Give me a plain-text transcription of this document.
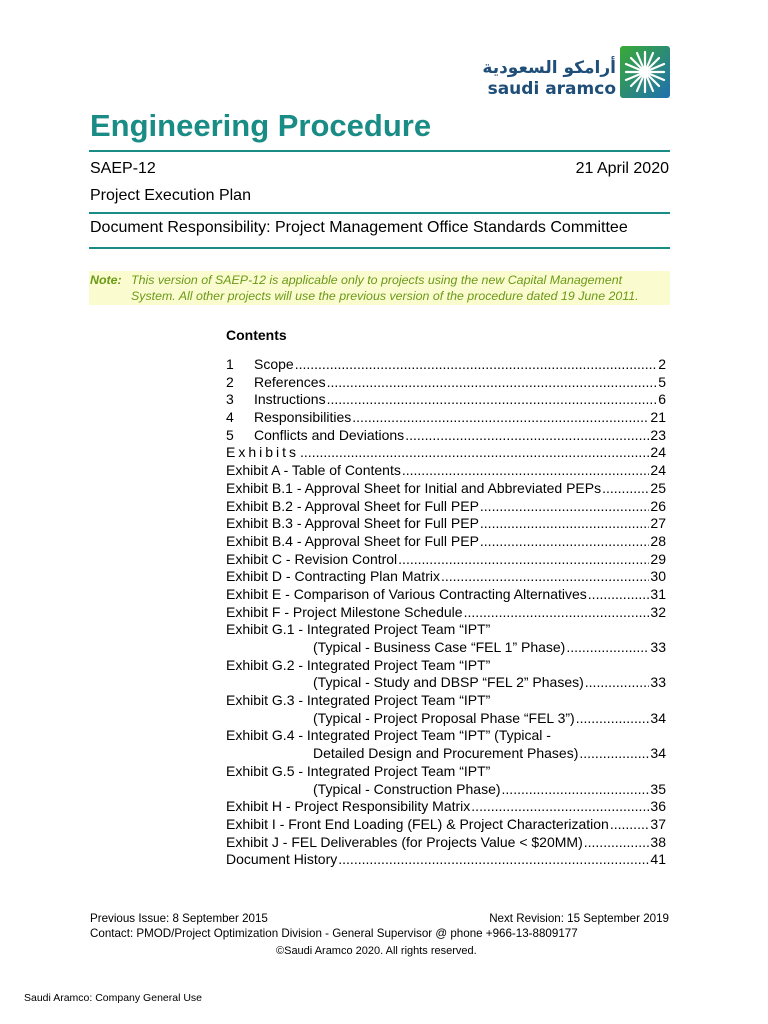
أرامكو السعودية
saudi aramco
Engineering Procedure
SAEP-12	21 April 2020
Project Execution Plan
Document Responsibility: Project Management Office Standards Committee
Note: This version of SAEP-12 is applicable only to projects using the new Capital Management
System. All other projects will use the previous version of the procedure dated 19 June 2011.
Contents
1	Scope .....	2
2	References .....	5
3	Instructions .....	6
4	Responsibilities .....	21
5	Conflicts and Deviations .....	23
Exhibits .....	24
Exhibit A - Table of Contents .....	24
Exhibit B.1 - Approval Sheet for Initial and Abbreviated PEPs .....	25
Exhibit B.2 - Approval Sheet for Full PEP .....	26
Exhibit B.3 - Approval Sheet for Full PEP .....	27
Exhibit B.4 - Approval Sheet for Full PEP .....	28
Exhibit C - Revision Control .....	29
Exhibit D - Contracting Plan Matrix .....	30
Exhibit E - Comparison of Various Contracting Alternatives .....	31
Exhibit F - Project Milestone Schedule .....	32
Exhibit G.1 - Integrated Project Team “IPT”
(Typical - Business Case “FEL 1” Phase) .....	33
Exhibit G.2 - Integrated Project Team “IPT”
(Typical - Study and DBSP “FEL 2” Phases) .....	33
Exhibit G.3 - Integrated Project Team “IPT”
(Typical - Project Proposal Phase “FEL 3”) .....	34
Exhibit G.4 - Integrated Project Team “IPT” (Typical -
Detailed Design and Procurement Phases) .....	34
Exhibit G.5 - Integrated Project Team “IPT”
(Typical - Construction Phase) .....	35
Exhibit H - Project Responsibility Matrix .....	36
Exhibit I - Front End Loading (FEL) & Project Characterization .....	37
Exhibit J - FEL Deliverables (for Projects Value < $20MM) .....	38
Document History .....	41
Previous Issue: 8 September 2015	Next Revision: 15 September 2019
Contact: PMOD/Project Optimization Division - General Supervisor @ phone +966-13-8809177
©Saudi Aramco 2020. All rights reserved.
Saudi Aramco: Company General Use
